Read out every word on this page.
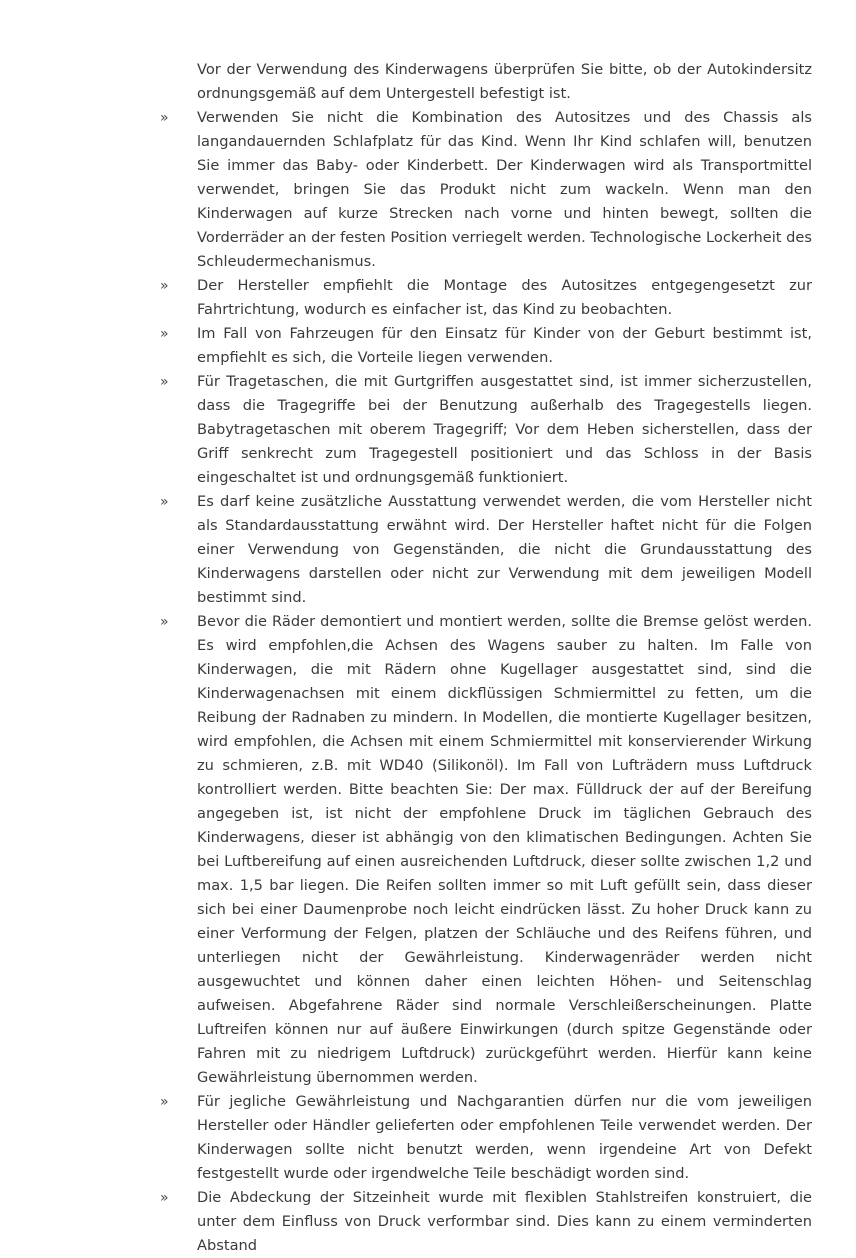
Vor der Verwendung des Kinderwagens überprüfen Sie bitte, ob der Autokindersitz ordnungsgemäß auf dem Untergestell befestigt ist.
»	Verwenden Sie nicht die Kombination des Autositzes und des Chassis als langandauernden Schlafplatz für das Kind. Wenn Ihr Kind schlafen will, benutzen Sie immer das Baby- oder Kinderbett. Der Kinderwagen wird als Transportmittel verwendet, bringen Sie das Produkt nicht zum wackeln. Wenn man den Kinderwagen auf kurze Strecken nach vorne und hinten bewegt, sollten die Vorderräder an der festen Position verriegelt werden. Technologische Lockerheit des Schleudermechanismus.
»	Der Hersteller empfiehlt die Montage des Autositzes entgegengesetzt zur Fahrtrichtung, wodurch es einfacher ist, das Kind zu beobachten.
»	Im Fall von Fahrzeugen für den Einsatz für Kinder von der Geburt bestimmt ist, empfiehlt es sich, die Vorteile liegen verwenden.
»	Für Tragetaschen, die mit Gurtgriffen ausgestattet sind, ist immer sicherzustellen, dass die Tragegriffe bei der Benutzung außerhalb des Tragegestells liegen. Babytragetaschen mit oberem Tragegriff; Vor dem Heben sicherstellen, dass der Griff senkrecht zum Tragegestell positioniert und das Schloss in der Basis eingeschaltet ist und ordnungsgemäß funktioniert.
»	Es darf keine zusätzliche Ausstattung verwendet werden, die vom Hersteller nicht als Standardausstattung erwähnt wird. Der Hersteller haftet nicht für die Folgen einer Verwendung von Gegenständen, die nicht die Grundausstattung des Kinderwagens darstellen oder nicht zur Verwendung mit dem jeweiligen Modell bestimmt sind.
»	Bevor die Räder demontiert und montiert werden, sollte die Bremse gelöst werden. Es wird empfohlen,die Achsen des Wagens sauber zu halten. Im Falle von Kinderwagen, die mit Rädern ohne Kugellager ausgestattet sind, sind die Kinderwagenachsen mit einem dickflüssigen Schmiermittel zu fetten, um die Reibung der Radnaben zu mindern. In Modellen, die montierte Kugellager besitzen, wird empfohlen, die Achsen mit einem Schmiermittel mit konservierender Wirkung zu schmieren, z.B. mit WD40 (Silikonöl). Im Fall von Lufträdern muss Luftdruck kontrolliert werden. Bitte beachten Sie: Der max. Fülldruck der auf der Bereifung angegeben ist, ist nicht der empfohlene Druck im täglichen Gebrauch des Kinderwagens, dieser ist abhängig von den klimatischen Bedingungen. Achten Sie bei Luftbereifung auf einen ausreichenden Luftdruck, dieser sollte zwischen 1,2 und max. 1,5 bar liegen. Die Reifen sollten immer so mit Luft gefüllt sein, dass dieser sich bei einer Daumenprobe noch leicht eindrücken lässt. Zu hoher Druck kann zu einer Verformung der Felgen, platzen der Schläuche und des Reifens führen, und unterliegen nicht der Gewährleistung. Kinderwagenräder werden nicht ausgewuchtet und können daher einen leichten Höhen- und Seitenschlag aufweisen. Abgefahrene Räder sind normale Verschleißerscheinungen. Platte Luftreifen können nur auf äußere Einwirkungen (durch spitze Gegenstände oder Fahren mit zu niedrigem Luftdruck) zurückgeführt werden. Hierfür kann keine Gewährleistung übernommen werden.
»	Für jegliche Gewährleistung und Nachgarantien dürfen nur die vom jeweiligen Hersteller oder Händler gelieferten oder empfohlenen Teile verwendet werden. Der Kinderwagen sollte nicht benutzt werden, wenn irgendeine Art von Defekt festgestellt wurde oder irgendwelche Teile beschädigt worden sind.
»	Die Abdeckung der Sitzeinheit wurde mit flexiblen Stahlstreifen konstruiert, die unter dem Einfluss von Druck verformbar sind. Dies kann zu einem verminderten Abstand
